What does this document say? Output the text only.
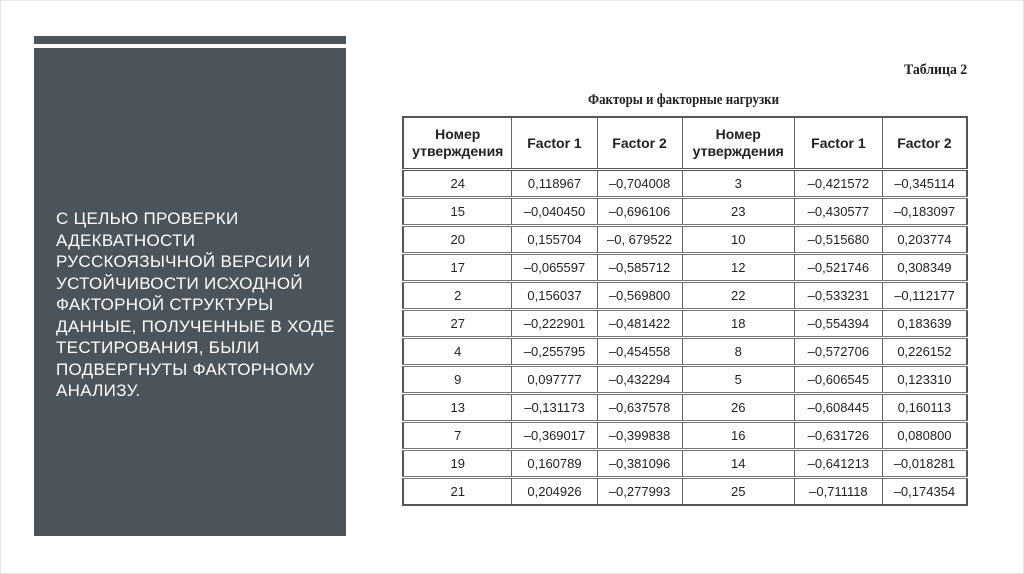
С ЦЕЛЬЮ ПРОВЕРКИ АДЕКВАТНОСТИ РУССКОЯЗЫЧНОЙ ВЕРСИИ И УСТОЙЧИВОСТИ ИСХОДНОЙ ФАКТОРНОЙ СТРУКТУРЫ ДАННЫЕ, ПОЛУЧЕННЫЕ В ХОДЕ ТЕСТИРОВАНИЯ, БЫЛИ ПОДВЕРГНУТЫ ФАКТОРНОМУ АНАЛИЗУ.
Таблица 2
Факторы и факторные нагрузки
Номер утверждения	Factor 1	Factor 2	Номер утверждения	Factor 1	Factor 2
24	0,118967	–0,704008	3	–0,421572	–0,345114
15	–0,040450	–0,696106	23	–0,430577	–0,183097
20	0,155704	–0, 679522	10	–0,515680	0,203774
17	–0,065597	–0,585712	12	–0,521746	0,308349
2	0,156037	–0,569800	22	–0,533231	–0,112177
27	–0,222901	–0,481422	18	–0,554394	0,183639
4	–0,255795	–0,454558	8	–0,572706	0,226152
9	0,097777	–0,432294	5	–0,606545	0,123310
13	–0,131173	–0,637578	26	–0,608445	0,160113
7	–0,369017	–0,399838	16	–0,631726	0,080800
19	0,160789	–0,381096	14	–0,641213	–0,018281
21	0,204926	–0,277993	25	–0,711118	–0,174354
